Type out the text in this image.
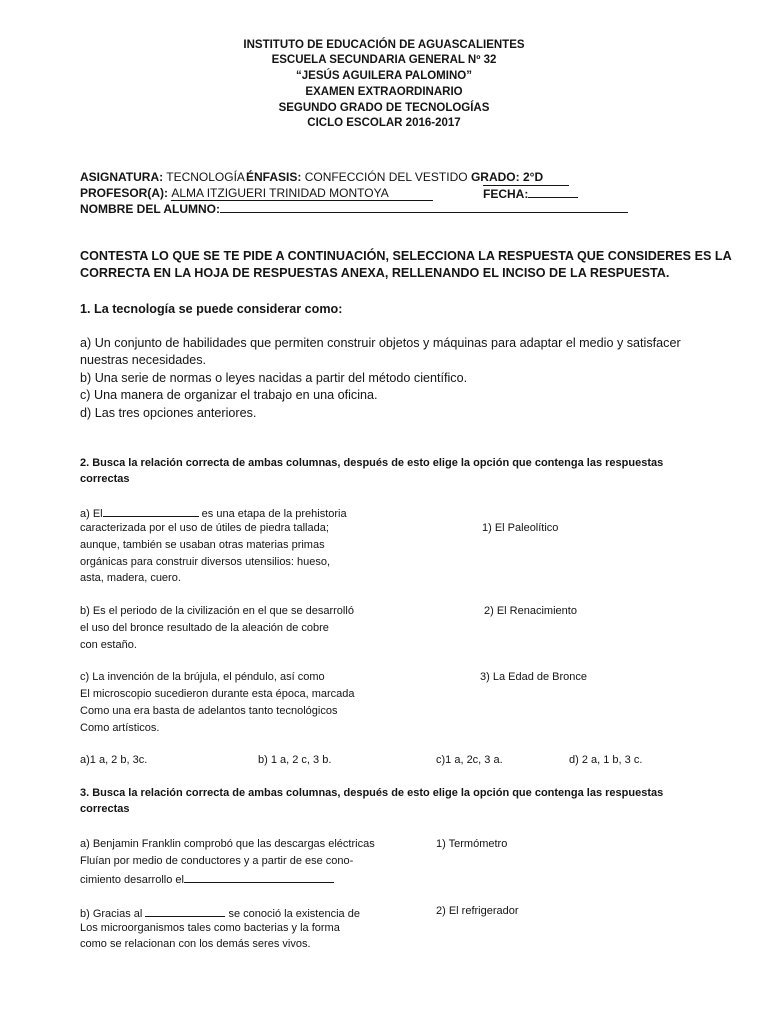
INSTITUTO DE EDUCACIÓN DE AGUASCALIENTES
ESCUELA SECUNDARIA GENERAL Nº 32
“JESÚS AGUILERA PALOMINO”
EXAMEN EXTRAORDINARIO
SEGUNDO GRADO DE TECNOLOGÍAS
CICLO ESCOLAR 2016-2017
ASIGNATURA: TECNOLOGÍA ÉNFASIS: CONFECCIÓN DEL VESTIDO GRADO: 2°D
PROFESOR(A): ALMA ITZIGUERI TRINIDAD MONTOYA	FECHA:
NOMBRE DEL ALUMNO:
CONTESTA LO QUE SE TE PIDE A CONTINUACIÓN, SELECCIONA LA RESPUESTA QUE CONSIDERES ES LA
CORRECTA EN LA HOJA DE RESPUESTAS ANEXA, RELLENANDO EL INCISO DE LA RESPUESTA.
1. La tecnología se puede considerar como:
a) Un conjunto de habilidades que permiten construir objetos y máquinas para adaptar el medio y satisfacer
nuestras necesidades.
b) Una serie de normas o leyes nacidas a partir del método científico.
c) Una manera de organizar el trabajo en una oficina.
d) Las tres opciones anteriores.
2. Busca la relación correcta de ambas columnas, después de esto elige la opción que contenga las respuestas
correctas
a) El	es una etapa de la prehistoria
caracterizada por el uso de útiles de piedra tallada;
aunque, también se usaban otras materias primas
orgánicas para construir diversos utensilios: hueso,
asta, madera, cuero.
1) El Paleolítico
b) Es el periodo de la civilización en el que se desarrolló
el uso del bronce resultado de la aleación de cobre
con estaño.
2) El Renacimiento
c) La invención de la brújula, el péndulo, así como
El microscopio sucedieron durante esta época, marcada
Como una era basta de adelantos tanto tecnológicos
Como artísticos.
3) La Edad de Bronce
a)1 a, 2 b, 3c.	b) 1 a, 2 c, 3 b.	c)1 a, 2c, 3 a.	d) 2 a, 1 b, 3 c.
3. Busca la relación correcta de ambas columnas, después de esto elige la opción que contenga las respuestas
correctas
a) Benjamin Franklin comprobó que las descargas eléctricas
Fluían por medio de conductores y a partir de ese cono-
cimiento desarrollo el
1) Termómetro
b) Gracias al	se conoció la existencia de
Los microorganismos tales como bacterias y la forma
como se relacionan con los demás seres vivos.
2) El refrigerador
